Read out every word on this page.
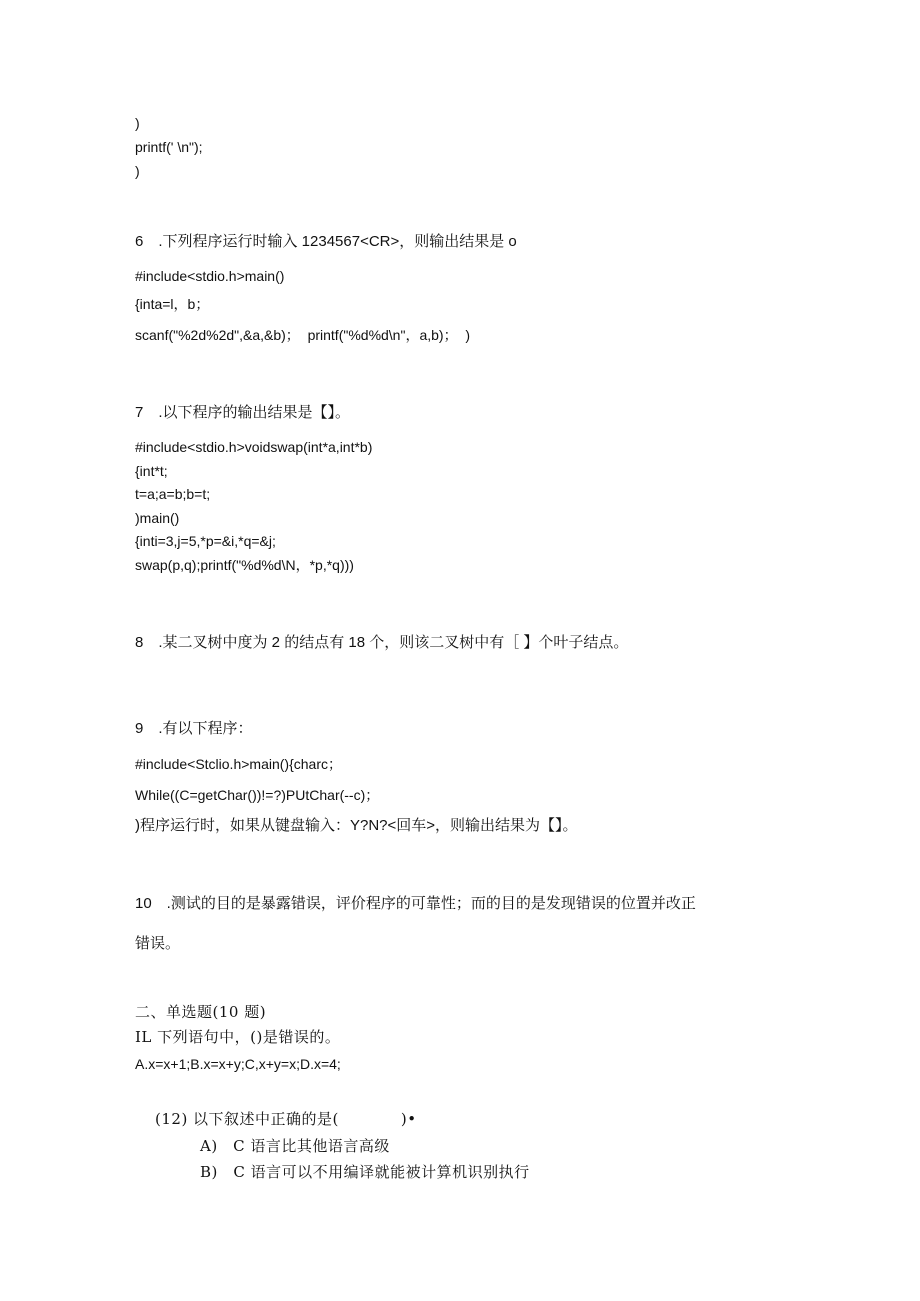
)
printf(' \n");
)
6　.下列程序运行时输入 1234567<CR>，则输出结果是 o
#include<stdio.h>main()
{inta=l，b；
scanf("%2d%2d",&a,&b)；  printf("%d%d\n"，a,b)；  )
7　.以下程序的输出结果是【】。
#include<stdio.h>voidswap(int*a,int*b)
{int*t;
t=a;a=b;b=t;
)main()
{inti=3,j=5,*p=&i,*q=&j;
swap(p,q);printf("%d%d\N，*p,*q)))
8　.某二叉树中度为 2 的结点有 18 个，则该二叉树中有［ 】个叶子结点。
9　.有以下程序：
#include<Stclio.h>main(){charc；
While((C=getChar())!=?)PUtChar(--c)；
)程序运行时，如果从键盘输入：Y?N?<回车>，则输出结果为【】。
10　.测试的目的是暴露错误，评价程序的可靠性；而的目的是发现错误的位置并改正
错误。
二、单选题(10 题)
IL 下列语句中，()是错误的。
A.x=x+1;B.x=x+y;C,x+y=x;D.x=4;
(12) 以下叙述中正确的是(　　　　)•
A)　C 语言比其他语言高级
B)　C 语言可以不用编译就能被计算机识别执行
